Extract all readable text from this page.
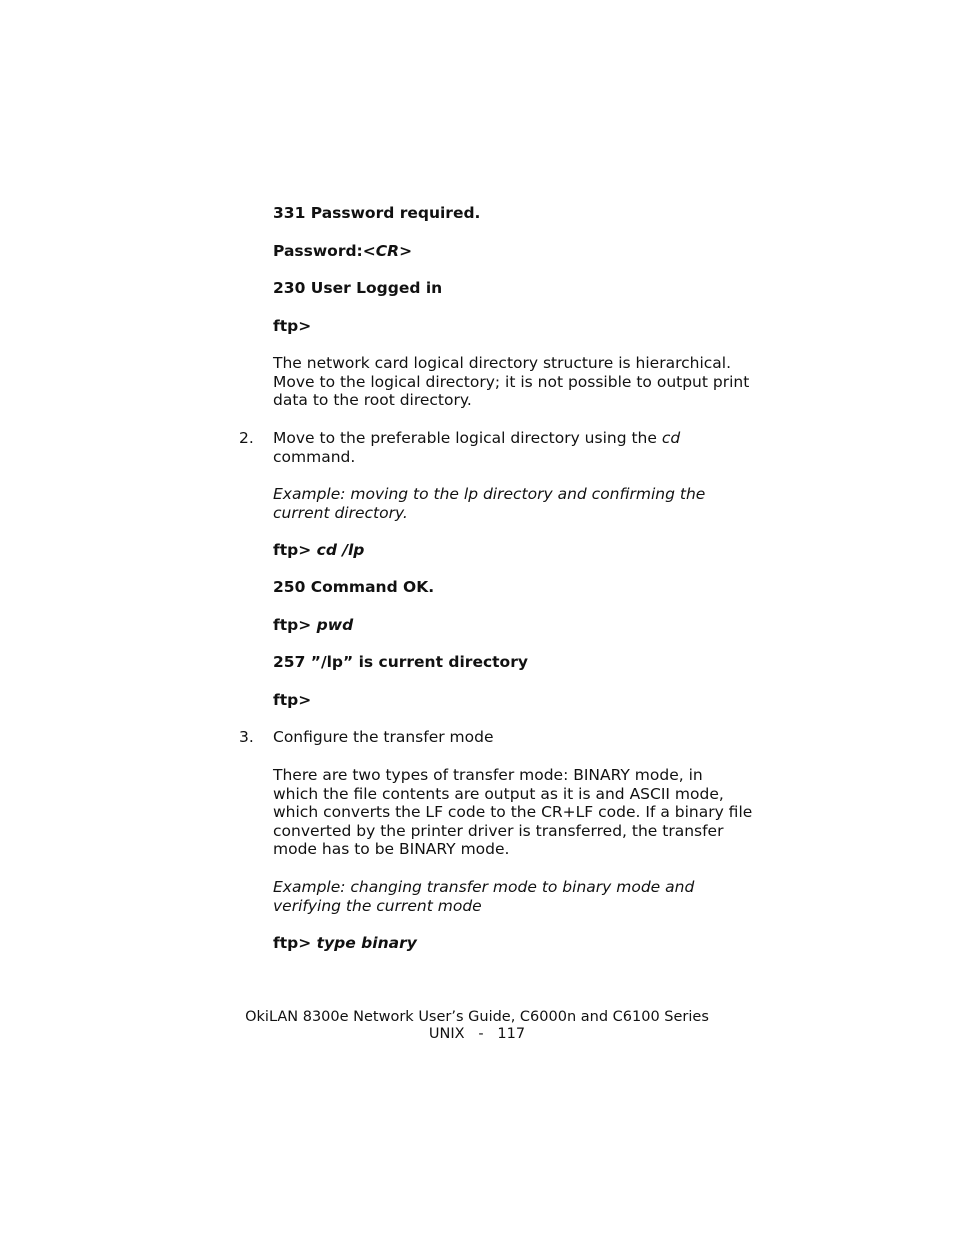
331 Password required.

Password:<CR>

230 User Logged in

ftp>

The network card logical directory structure is hierarchical.
Move to the logical directory; it is not possible to output print
data to the root directory.
2. Move to the preferable logical directory using the cd
command.
Example: moving to the lp directory and confirming the
current directory.

ftp> cd /lp

250 Command OK.

ftp> pwd

257 ”/lp” is current directory

ftp>

3. Configure the transfer mode

There are two types of transfer mode: BINARY mode, in
which the file contents are output as it is and ASCII mode,
which converts the LF code to the CR+LF code. If a binary file
converted by the printer driver is transferred, the transfer
mode has to be BINARY mode.
Example: changing transfer mode to binary mode and
verifying the current mode

ftp> type binary

OkiLAN 8300e Network User’s Guide, C6000n and C6100 Series
UNIX   -   117
